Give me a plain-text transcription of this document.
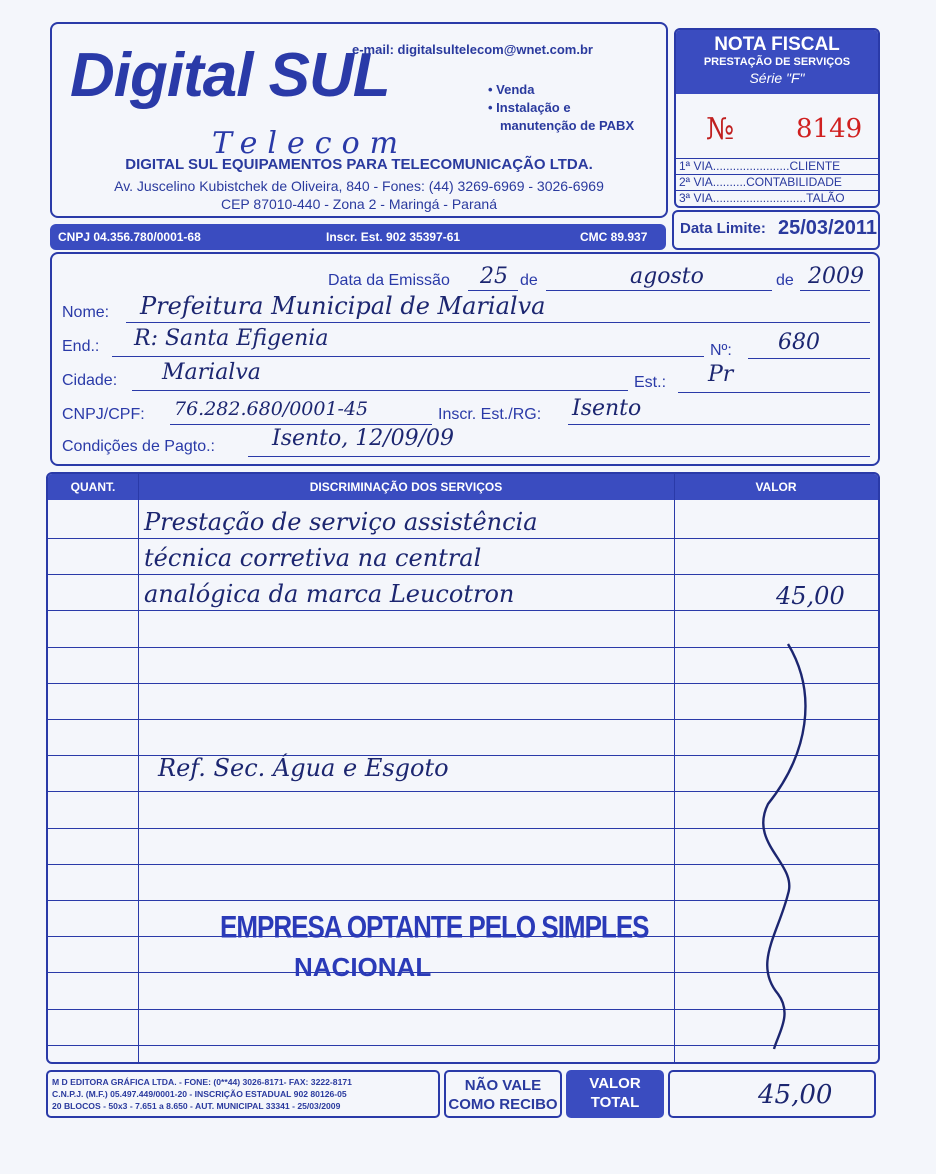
Digital SUL
Telecom
e-mail: digitalsultelecom@wnet.com.br
• Venda
• Instalação e
manutenção de PABX
DIGITAL SUL EQUIPAMENTOS PARA TELECOMUNICAÇÃO LTDA.
Av. Juscelino Kubistchek de Oliveira, 840 - Fones: (44) 3269-6969 - 3026-6969
CEP 87010-440 - Zona 2 - Maringá - Paraná
NOTA FISCAL
PRESTAÇÃO DE SERVIÇOS
Série "F"
№ 8149
1ª VIA.......................CLIENTE
2ª VIA..........CONTABILIDADE
3ª VIA............................TALÃO
CNPJ 04.356.780/0001-68	Inscr. Est. 902 35397-61	CMC 89.937 Data Limite: 25/03/2011
Data da Emissão 25 de	agosto	de 2009
Nome: Prefeitura Municipal de Marialva
End.: R: Santa Efigenia	Nº: 680
Cidade: Marialva	Est.: Pr
CNPJ/CPF: 76.282.680/0001-45	Inscr. Est./RG: Isento
Condições de Pagto.:	Isento, 12/09/09
QUANT.	DISCRIMINAÇÃO DOS SERVIÇOS	VALOR
Prestação de serviço assistência
técnica corretiva na central
analógica da marca Leucotron	45,00
Ref. Sec. Água e Esgoto
EMPRESA OPTANTE PELO SIMPLES
NACIONAL
M D EDITORA GRÁFICA LTDA. - FONE: (0**44) 3026-8171- FAX: 3222-8171
C.N.P.J. (M.F.) 05.497.449/0001-20 - INSCRIÇÃO ESTADUAL 902 80126-05
20 BLOCOS - 50x3 - 7.651 a 8.650 - AUT. MUNICIPAL 33341 - 25/03/2009
NÃO VALE
COMO RECIBO
VALOR
TOTAL	45,00
